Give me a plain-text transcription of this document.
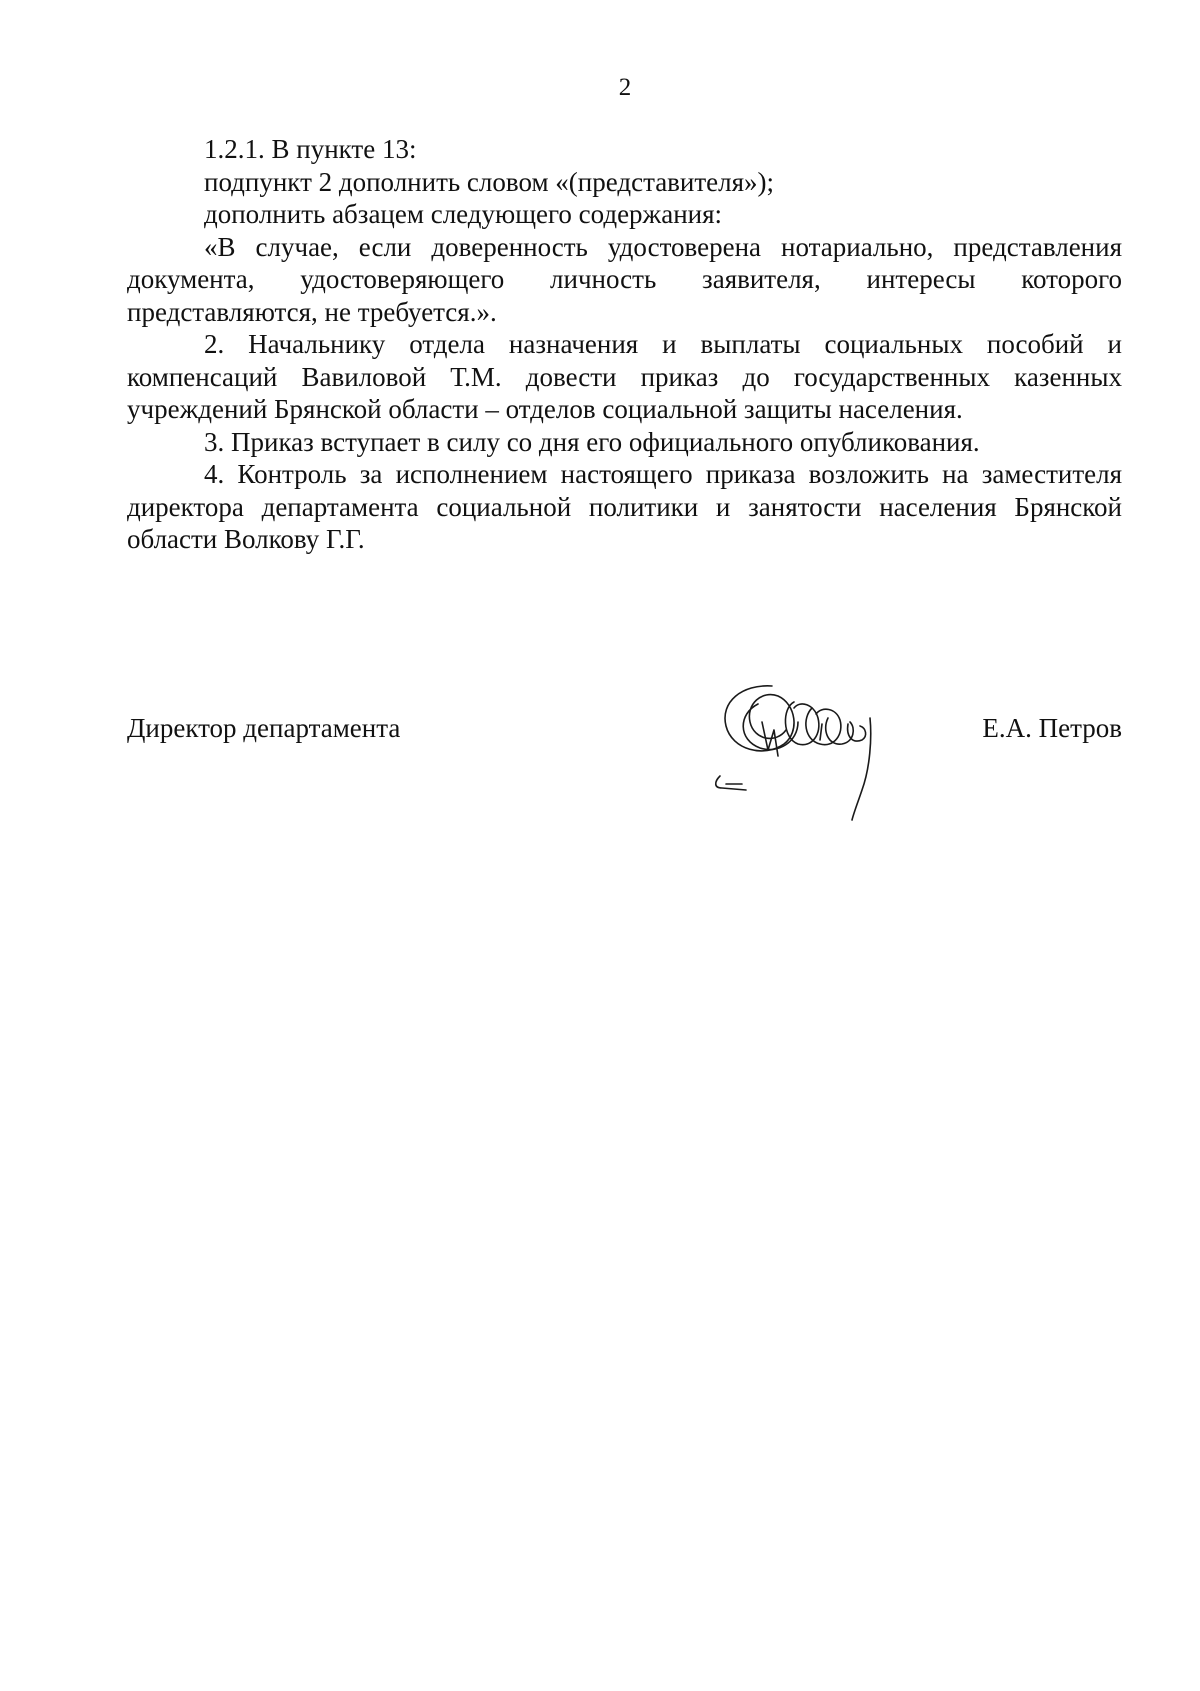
2

1.2.1. В пункте 13:

подпункт 2 дополнить словом «(представителя»);

дополнить абзацем следующего содержания:

«В случае, если доверенность удостоверена нотариально, представления документа, удостоверяющего личность заявителя, интересы которого представляются, не требуется.».

2. Начальнику отдела назначения и выплаты социальных пособий и компенсаций Вавиловой Т.М. довести приказ до государственных казенных учреждений Брянской области – отделов социальной защиты населения.

3. Приказ вступает в силу со дня его официального опубликования.

4. Контроль за исполнением настоящего приказа возложить на заместителя директора департамента социальной политики и занятости населения Брянской области Волкову Г.Г.

Директор департамента	Е.А. Петров
